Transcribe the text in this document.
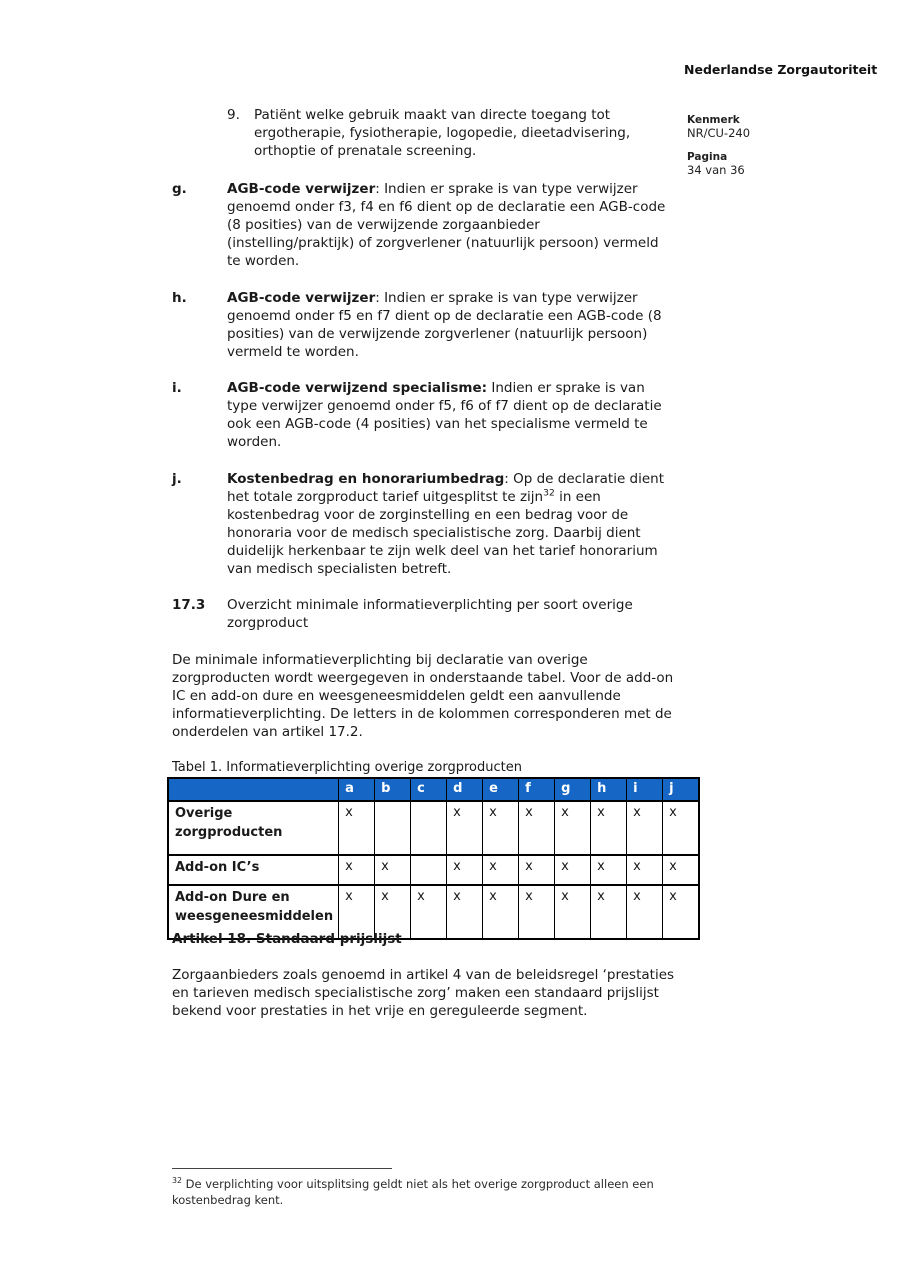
Nederlandse Zorgautoriteit
Kenmerk
NR/CU-240
Pagina
34 van 36
9.	Patiënt welke gebruik maakt van directe toegang tot ergotherapie, fysiotherapie, logopedie, dieetadvisering, orthoptie of prenatale screening.
g.	AGB-code verwijzer: Indien er sprake is van type verwijzer genoemd onder f3, f4 en f6 dient op de declaratie een AGB-code (8 posities) van de verwijzende zorgaanbieder (instelling/praktijk) of zorgverlener (natuurlijk persoon) vermeld te worden.
h.	AGB-code verwijzer: Indien er sprake is van type verwijzer genoemd onder f5 en f7 dient op de declaratie een AGB-code (8 posities) van de verwijzende zorgverlener (natuurlijk persoon) vermeld te worden.
i.	AGB-code verwijzend specialisme: Indien er sprake is van type verwijzer genoemd onder f5, f6 of f7 dient op de declaratie ook een AGB-code (4 posities) van het specialisme vermeld te worden.
j.	Kostenbedrag en honorariumbedrag: Op de declaratie dient het totale zorgproduct tarief uitgesplitst te zijn$^{32}$ in een kostenbedrag voor de zorginstelling en een bedrag voor de honoraria voor de medisch specialistische zorg. Daarbij dient duidelijk herkenbaar te zijn welk deel van het tarief honorarium van medisch specialisten betreft.
17.3	Overzicht minimale informatieverplichting per soort overige zorgproduct
De minimale informatieverplichting bij declaratie van overige zorgproducten wordt weergegeven in onderstaande tabel. Voor de add-on IC en add-on dure en weesgeneesmiddelen geldt een aanvullende informatieverplichting. De letters in de kolommen corresponderen met de onderdelen van artikel 17.2.
Tabel 1. Informatieverplichting overige zorgproducten
	a	b	c	d	e	f	g	h	i	j
Overige zorgproducten	x			x	x	x	x	x	x	x
Add-on IC’s	x	x		x	x	x	x	x	x	x
Add-on Dure en weesgeneesmiddelen	x	x	x	x	x	x	x	x	x	x
Artikel 18. Standaard prijslijst
Zorgaanbieders zoals genoemd in artikel 4 van de beleidsregel ‘prestaties en tarieven medisch specialistische zorg’ maken een standaard prijslijst bekend voor prestaties in het vrije en gereguleerde segment.
$^{32}$ De verplichting voor uitsplitsing geldt niet als het overige zorgproduct alleen een kostenbedrag kent.
